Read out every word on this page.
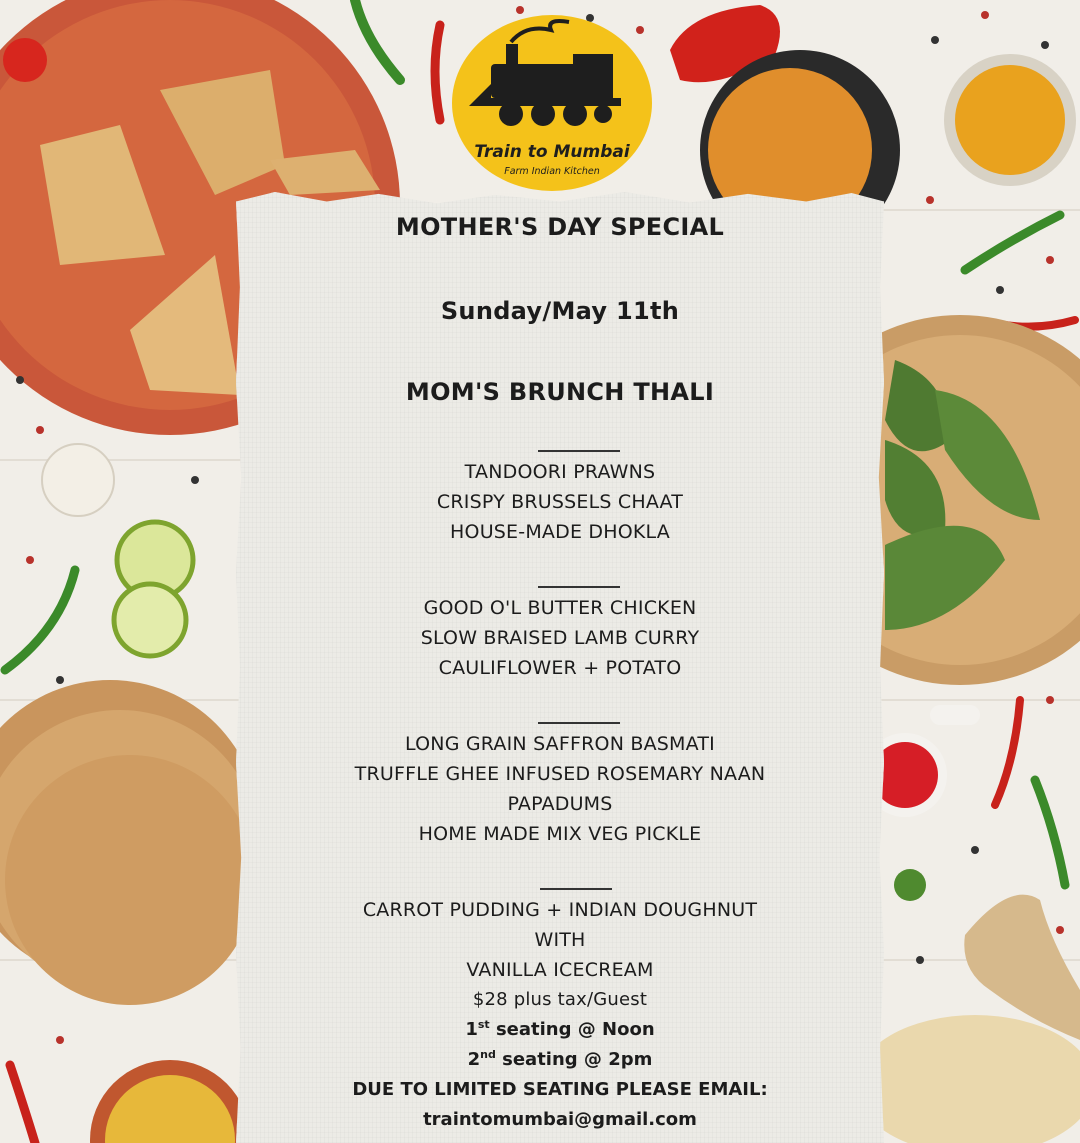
Train to Mumbai
Farm Indian Kitchen
MOTHER'S DAY SPECIAL
Sunday/May 11th
MOM'S BRUNCH THALI
TANDOORI PRAWNS
CRISPY BRUSSELS CHAAT
HOUSE-MADE DHOKLA
GOOD O'L BUTTER CHICKEN
SLOW BRAISED LAMB CURRY
CAULIFLOWER + POTATO
LONG GRAIN SAFFRON BASMATI
TRUFFLE GHEE INFUSED ROSEMARY NAAN
PAPADUMS
HOME MADE MIX VEG PICKLE
CARROT PUDDING + INDIAN DOUGHNUT
WITH
VANILLA ICECREAM
$28 plus tax/Guest
1st seating @ Noon
2nd seating @ 2pm
DUE TO LIMITED SEATING PLEASE EMAIL:
traintomumbai@gmail.com
